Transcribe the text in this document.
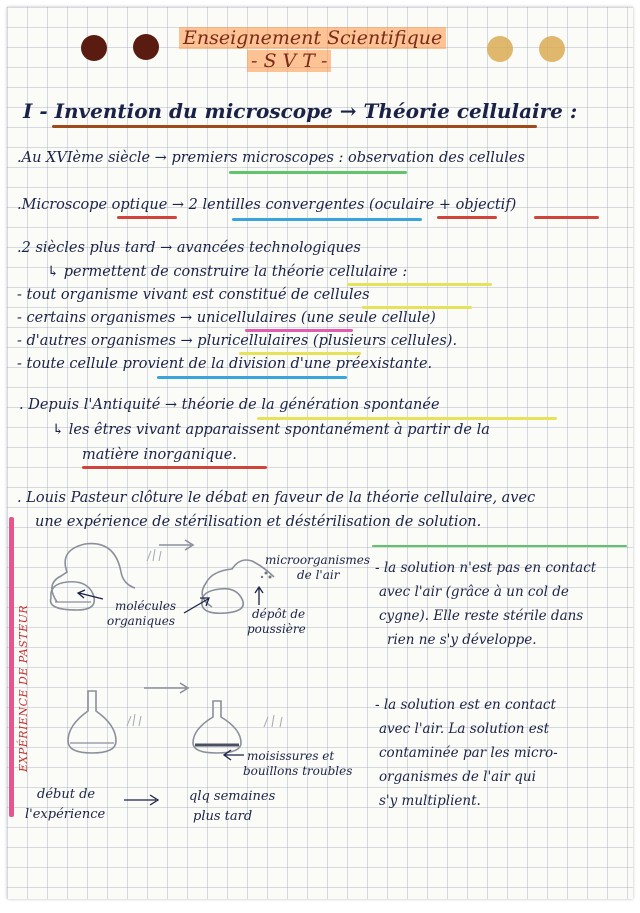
Enseignement Scientifique
- S V T -
I - Invention du microscope → Théorie cellulaire :
.Au XVIème siècle → premiers microscopes : observation des cellules
.Microscope optique → 2 lentilles convergentes (oculaire + objectif)
.2 siècles plus tard → avancées technologiques
↳ permettent de construire la théorie cellulaire :
- tout organisme vivant est constitué de cellules
- certains organismes → unicellulaires (une seule cellule)
- d'autres organismes → pluricellulaires (plusieurs cellules).
- toute cellule provient de la division d'une préexistante.
. Depuis l'Antiquité → théorie de la génération spontanée
↳ les êtres vivant apparaissent spontanément à partir de la
matière inorganique.
. Louis Pasteur clôture le débat en faveur de la théorie cellulaire, avec
une expérience de stérilisation et déstérilisation de solution.
EXPÉRIENCE DE PASTEUR
microorganismes
de l'air
molécules
organiques	dépôt de
poussière
- la solution n'est pas en contact
avec l'air (grâce à un col de
cygne). Elle reste stérile dans
rien ne s'y développe.
moisissures et
bouillons troubles
- la solution est en contact
avec l'air. La solution est
contaminée par les micro-
organismes de l'air qui
s'y multiplient.
début de
l'expérience
qlq semaines
plus tard
